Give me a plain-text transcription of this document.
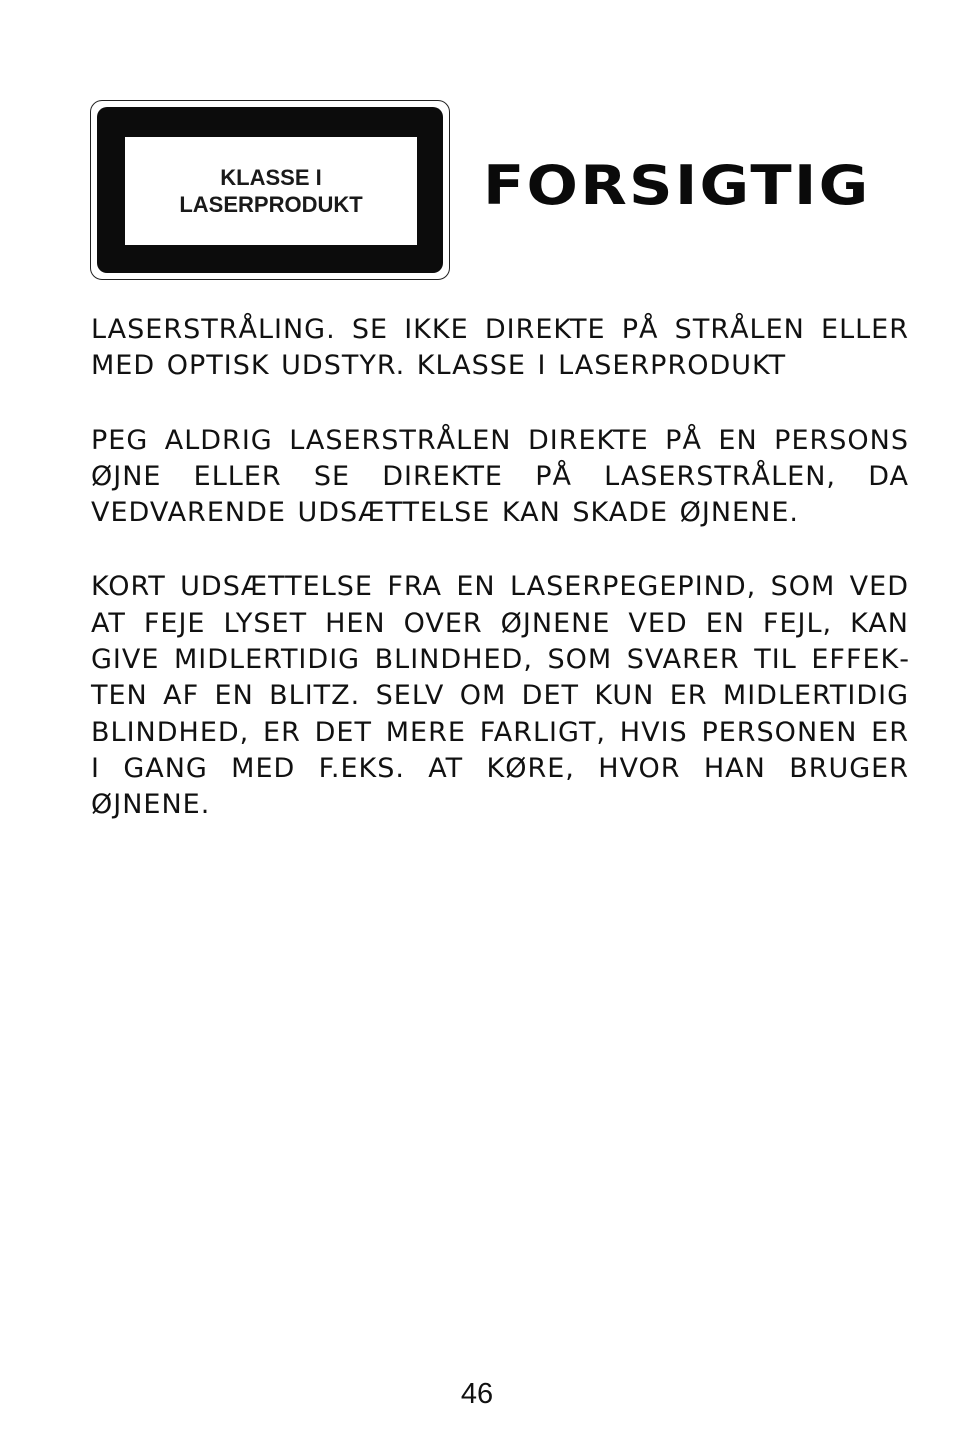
KLASSE I
LASERPRODUKT FORSIGTIG

LASERSTRÅLING. SE IKKE DIREKTE PÅ STRÅLEN ELLER MED OPTISK UDSTYR. KLASSE I LASERPRODUKT

PEG ALDRIG LASERSTRÅLEN DIREKTE PÅ EN PERSONS ØJNE ELLER SE DIREKTE PÅ LASERSTRÅLEN, DA VEDVARENDE UDSÆTTELSE KAN SKADE ØJNENE.

KORT UDSÆTTELSE FRA EN LASERPEGEPIND, SOM VED AT FEJE LYSET HEN OVER ØJNENE VED EN FEJL, KAN GIVE MIDLERTIDIG BLINDHED, SOM SVARER TIL EFFEKTEN AF EN BLITZ. SELV OM DET KUN ER MIDLERTIDIG BLINDHED, ER DET MERE FARLIGT, HVIS PERSONEN ER I GANG MED F.EKS. AT KØRE, HVOR HAN BRUGER ØJNENE.

46
